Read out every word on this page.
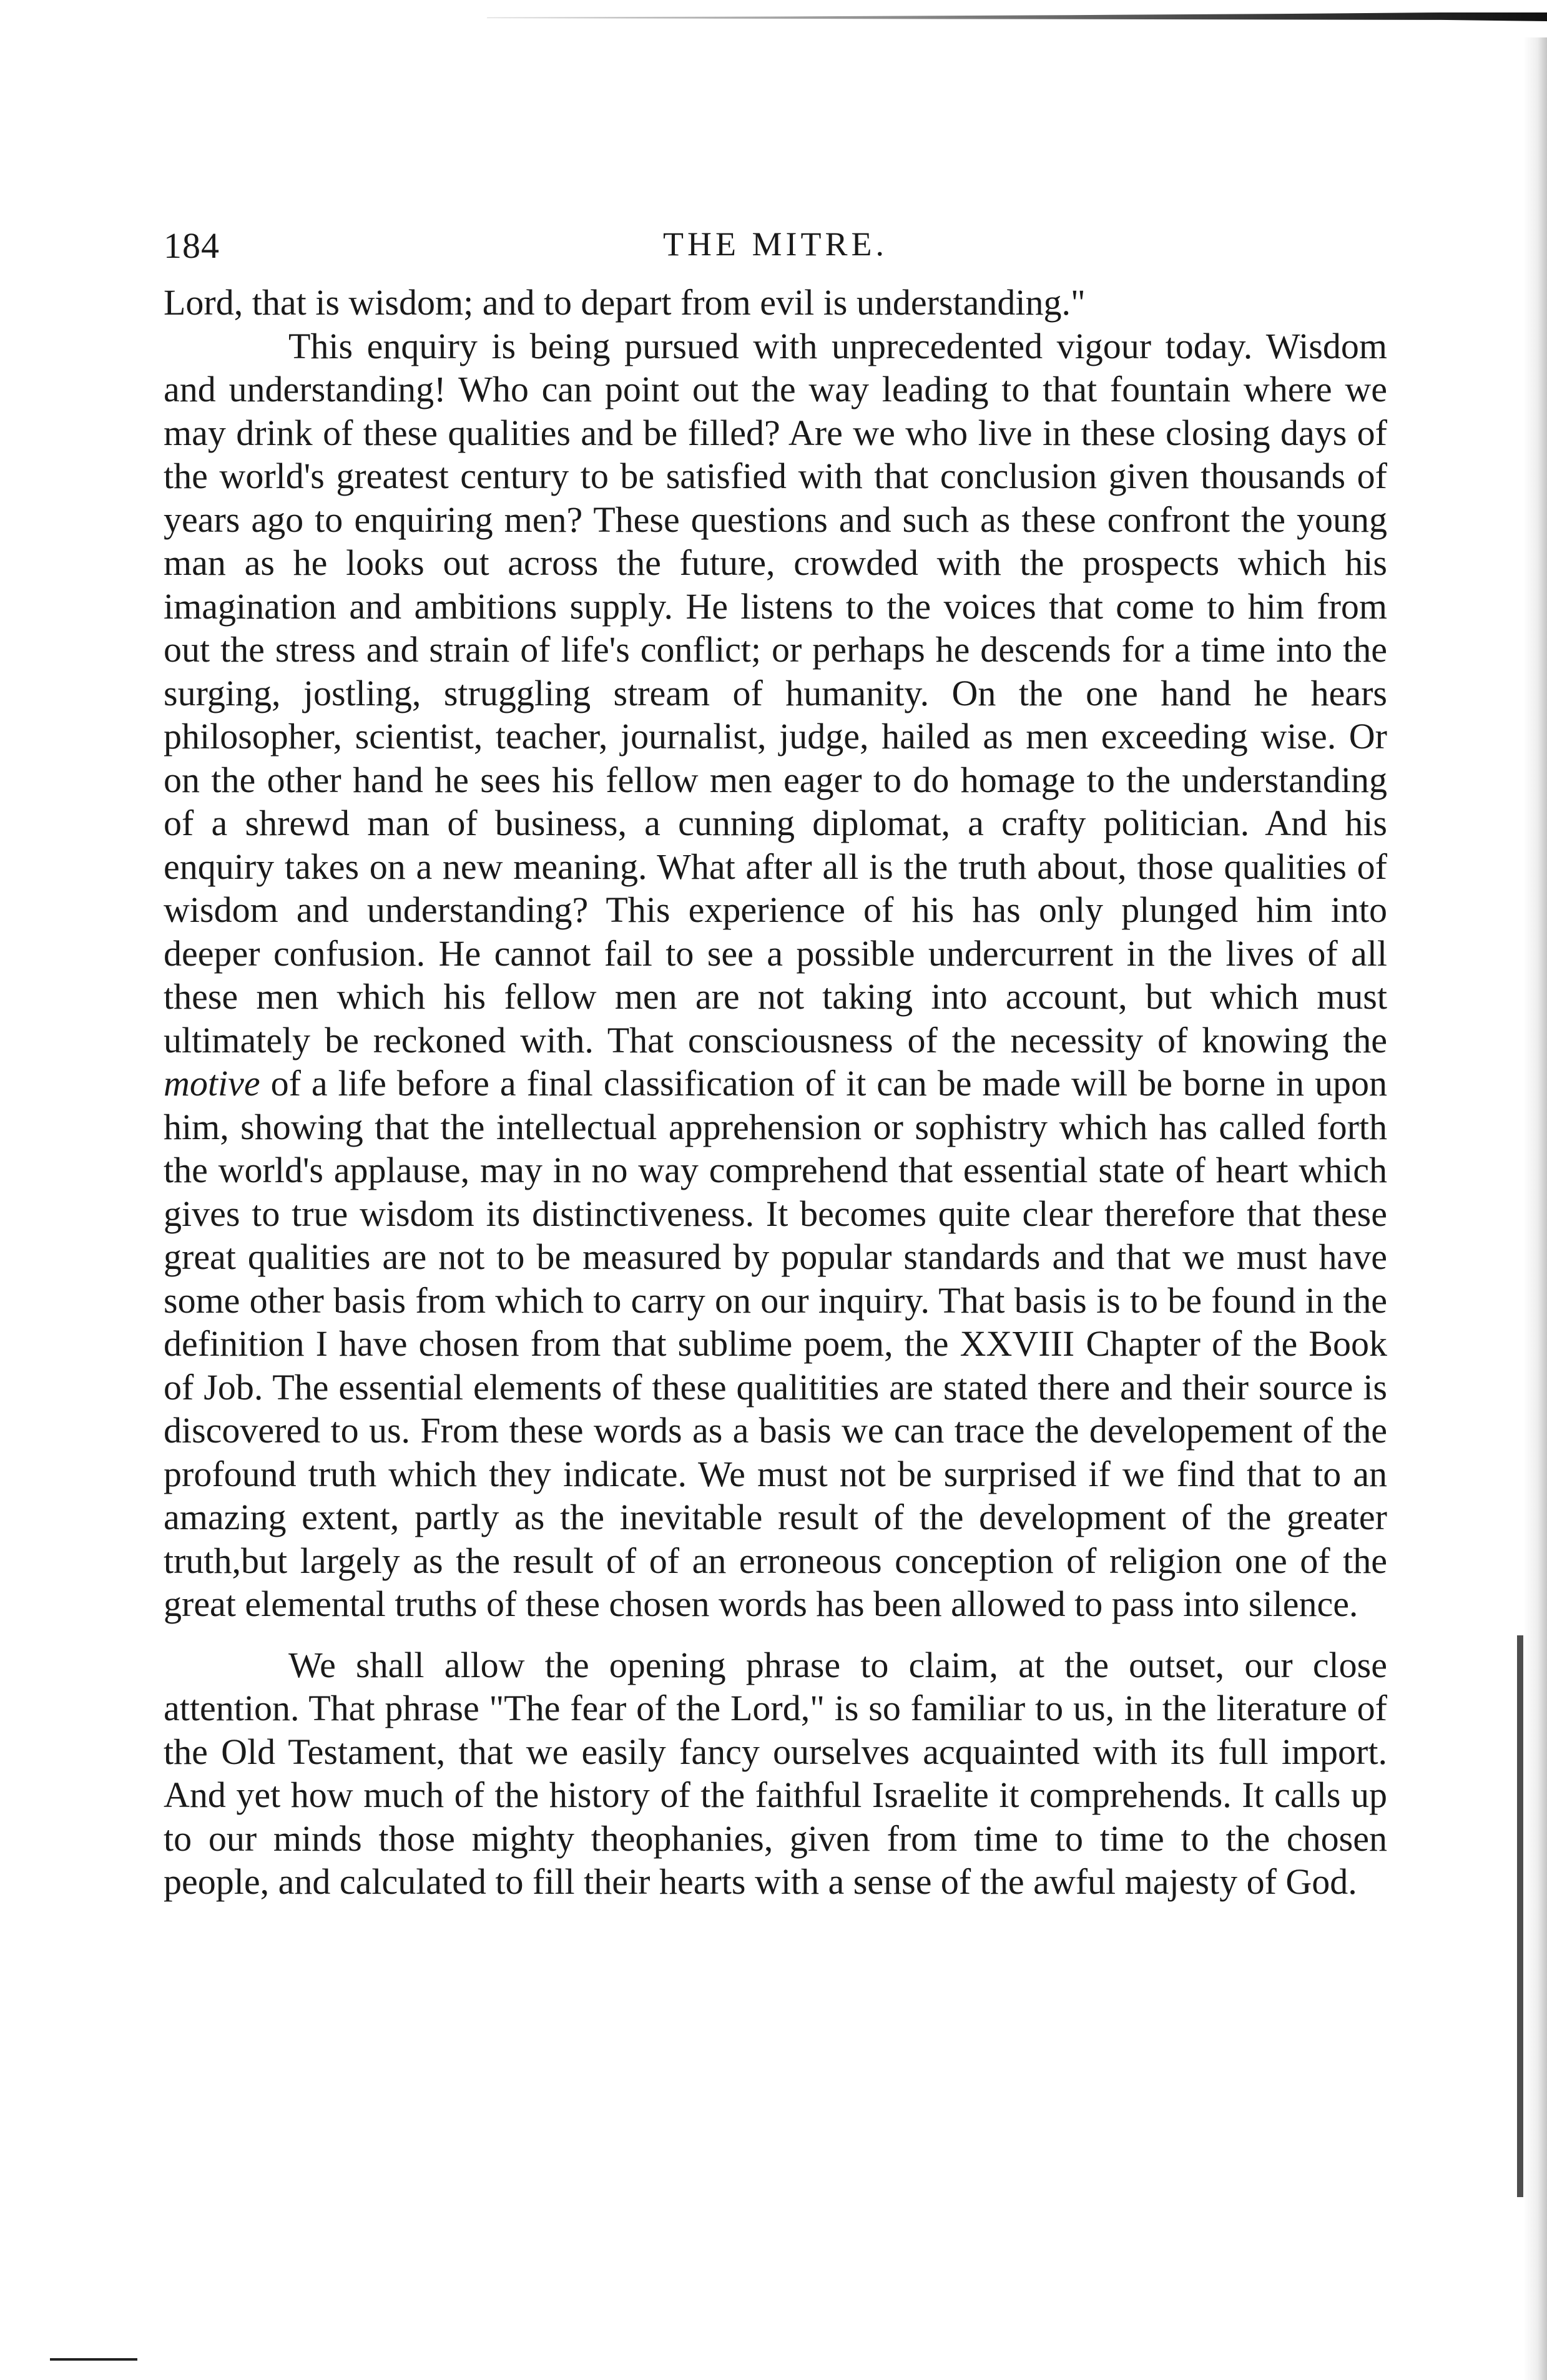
184	THE MITRE.

Lord, that is wisdom; and to depart from evil is understanding."

This enquiry is being pursued with unprecedented vigour today. Wisdom and understanding! Who can point out the way leading to that fountain where we may drink of these qualities and be filled? Are we who live in these closing days of the world's greatest century to be satisfied with that conclusion given thousands of years ago to enquiring men? These questions and such as these confront the young man as he looks out across the future, crowded with the prospects which his imagination and ambitions supply. He listens to the voices that come to him from out the stress and strain of life's conflict; or perhaps he descends for a time into the surging, jostling, struggling stream of humanity. On the one hand he hears philosopher, scientist, teacher, journalist, judge, hailed as men exceeding wise. Or on the other hand he sees his fellow men eager to do homage to the understanding of a shrewd man of business, a cunning diplomat, a crafty politician. And his enquiry takes on a new meaning. What after all is the truth about, those qualities of wisdom and understanding? This experience of his has only plunged him into deeper confusion. He cannot fail to see a possible undercurrent in the lives of all these men which his fellow men are not taking into account, but which must ultimately be reckoned with. That consciousness of the necessity of knowing the motive of a life before a final classification of it can be made will be borne in upon him, showing that the intellectual apprehension or sophistry which has called forth the world's applause, may in no way comprehend that essential state of heart which gives to true wisdom its distinctiveness. It becomes quite clear therefore that these great qualities are not to be measured by popular standards and that we must have some other basis from which to carry on our inquiry. That basis is to be found in the definition I have chosen from that sublime poem, the XXVIII Chapter of the Book of Job. The essential elements of these qualitities are stated there and their source is discovered to us. From these words as a basis we can trace the developement of the profound truth which they indicate. We must not be surprised if we find that to an amazing extent, partly as the inevitable result of the development of the greater truth,but largely as the result of of an erroneous conception of religion one of the great elemental truths of these chosen words has been allowed to pass into silence.

We shall allow the opening phrase to claim, at the outset, our close attention. That phrase "The fear of the Lord," is so familiar to us, in the literature of the Old Testament, that we easily fancy ourselves acquainted with its full import. And yet how much of the history of the faithful Israelite it comprehends. It calls up to our minds those mighty theophanies, given from time to time to the chosen people, and calculated to fill their hearts with a sense of the awful majesty of God.
